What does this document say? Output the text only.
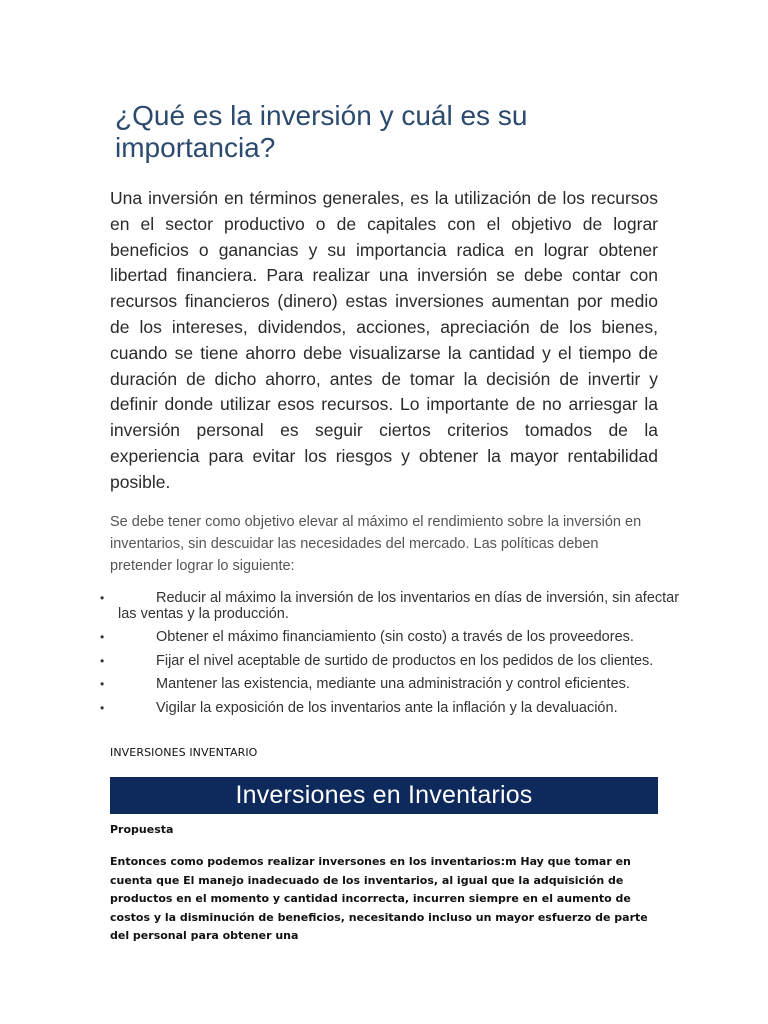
¿Qué es la inversión y cuál es su importancia?

Una inversión en términos generales, es la utilización de los recursos en el sector productivo o de capitales con el objetivo de lograr beneficios o ganancias y su importancia radica en lograr obtener libertad financiera. Para realizar una inversión se debe contar con recursos financieros (dinero) estas inversiones aumentan por medio de los intereses, dividendos, acciones, apreciación de los bienes, cuando se tiene ahorro debe visualizarse la cantidad y el tiempo de duración de dicho ahorro, antes de tomar la decisión de invertir y definir donde utilizar esos recursos. Lo importante de no arriesgar la inversión personal es seguir ciertos criterios tomados de la experiencia para evitar los riesgos y obtener la mayor rentabilidad posible.

Se debe tener como objetivo elevar al máximo el rendimiento sobre la inversión en inventarios, sin descuidar las necesidades del mercado. Las políticas deben pretender lograr lo siguiente:

•	Reducir al máximo la inversión de los inventarios en días de inversión, sin afectar las ventas y la producción.
•	Obtener el máximo financiamiento (sin costo) a través de los proveedores.
•	Fijar el nivel aceptable de surtido de productos en los pedidos de los clientes.
•	Mantener las existencia, mediante una administración y control eficientes.
•	Vigilar la exposición de los inventarios ante la inflación y la devaluación.

INVERSIONES INVENTARIO

Inversiones en Inventarios

Propuesta

Entonces como podemos realizar inversones en los inventarios:m Hay que tomar en cuenta que El manejo inadecuado de los inventarios, al igual que la adquisición de productos en el momento y cantidad incorrecta, incurren siempre en el aumento de costos y la disminución de beneficios, necesitando incluso un mayor esfuerzo de parte del personal para obtener una
